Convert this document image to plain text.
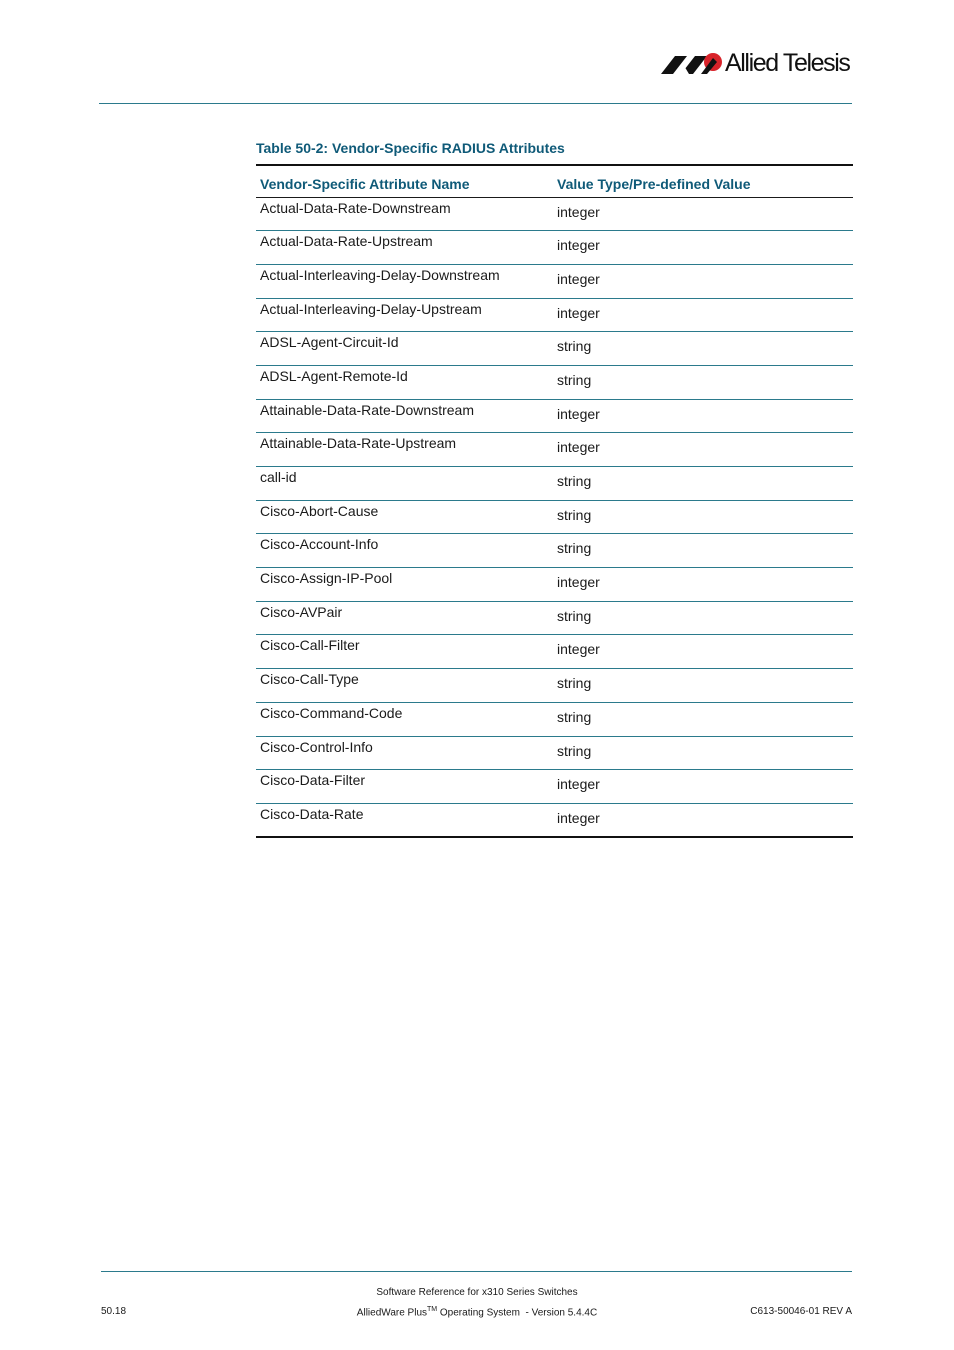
Allied Telesis
Table 50-2: Vendor-Specific RADIUS Attributes
Vendor-Specific Attribute Name	Value Type/Pre-defined Value
Actual-Data-Rate-Downstream	integer
Actual-Data-Rate-Upstream	integer
Actual-Interleaving-Delay-Downstream	integer
Actual-Interleaving-Delay-Upstream	integer
ADSL-Agent-Circuit-Id	string
ADSL-Agent-Remote-Id	string
Attainable-Data-Rate-Downstream	integer
Attainable-Data-Rate-Upstream	integer
call-id	string
Cisco-Abort-Cause	string
Cisco-Account-Info	string
Cisco-Assign-IP-Pool	integer
Cisco-AVPair	string
Cisco-Call-Filter	integer
Cisco-Call-Type	string
Cisco-Command-Code	string
Cisco-Control-Info	string
Cisco-Data-Filter	integer
Cisco-Data-Rate	integer
Software Reference for x310 Series Switches
50.18	AlliedWare Plus™ Operating System  - Version 5.4.4C	C613-50046-01 REV A
